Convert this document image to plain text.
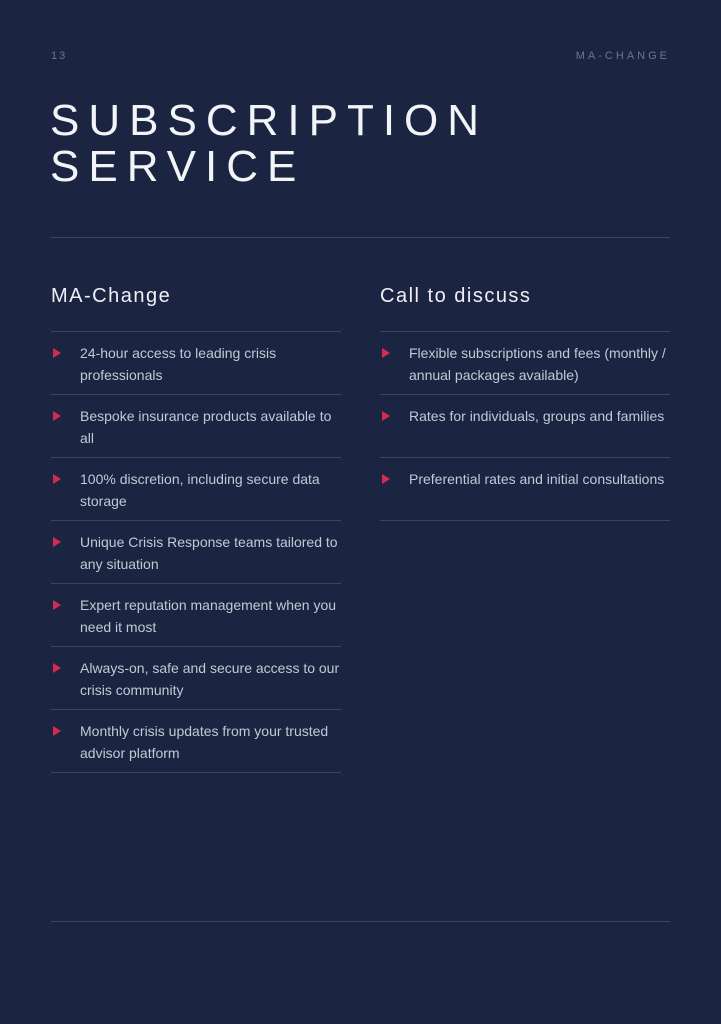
13	MA-CHANGE
SUBSCRIPTION
SERVICE
MA-Change
24-hour access to leading crisis professionals
Bespoke insurance products available to all
100% discretion, including secure data storage
Unique Crisis Response teams tailored to any situation
Expert reputation management when you need it most
Always-on, safe and secure access to our crisis community
Monthly crisis updates from your trusted advisor platform
Call to discuss
Flexible subscriptions and fees (monthly / annual packages available)
Rates for individuals, groups and families
Preferential rates and initial consultations
